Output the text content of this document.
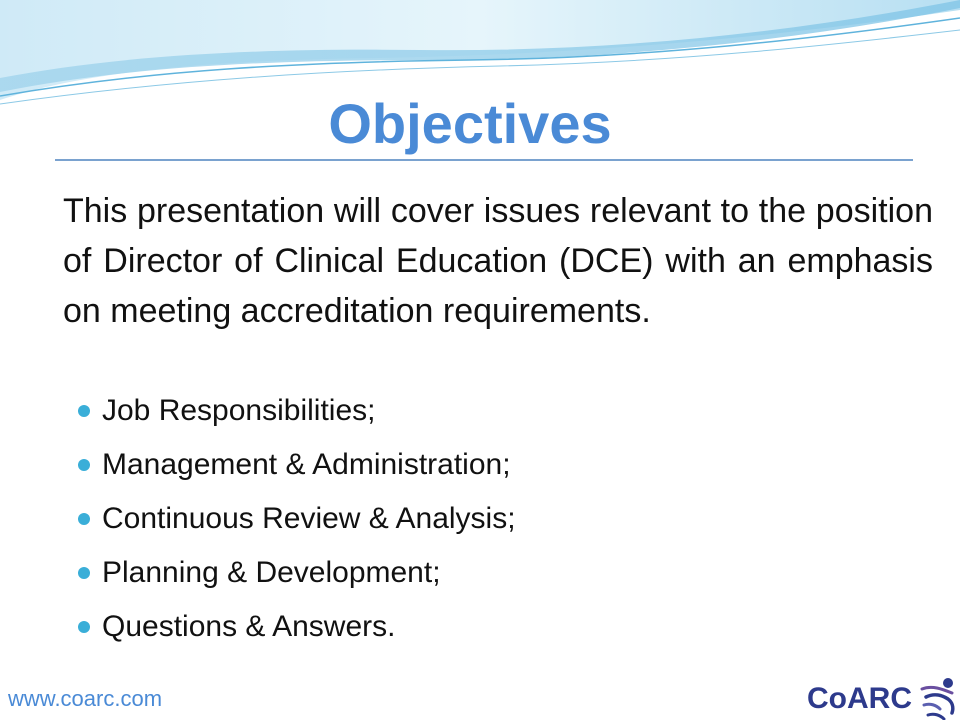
Objectives
This presentation will cover issues relevant to the position of Director of Clinical Education (DCE) with an emphasis on meeting accreditation requirements.
Job Responsibilities;
Management & Administration;
Continuous Review & Analysis;
Planning & Development;
Questions & Answers.
www.coarc.com	CoARC
